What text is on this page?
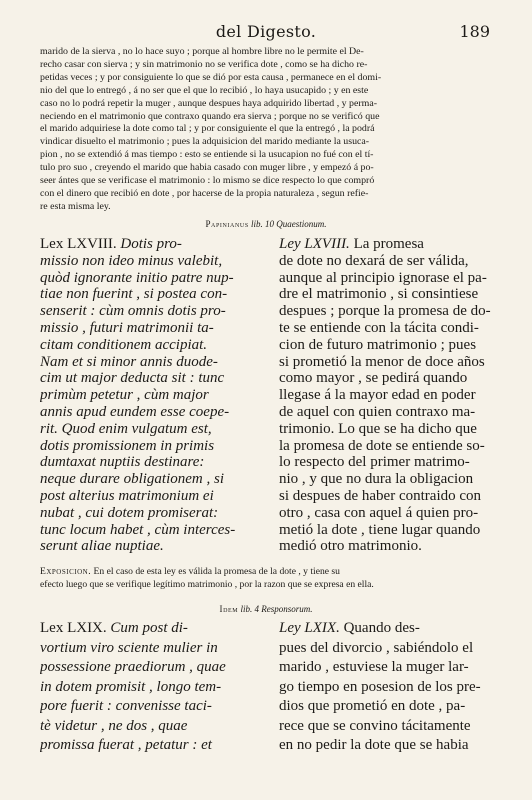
del Digesto.	189
marido de la sierva , no lo hace suyo ; porque al hombre libre no le permite el De-
recho casar con sierva ; y sin matrimonio no se verifica dote , como se ha dicho re-
petidas veces ; y por consiguiente lo que se dió por esta causa , permanece en el domi-
nio del que lo entregó , á no ser que el que lo recibió , lo haya usucapido ; y en este
caso no lo podrá repetir la muger , aunque despues haya adquirido libertad , y perma-
neciendo en el matrimonio que contraxo quando era sierva ; porque no se verificó que
el marido adquiriese la dote como tal ; y por consiguiente el que la entregó , la podrá
vindicar disuelto el matrimonio ; pues la adquisicion del marido mediante la usuca-
pion , no se extendió á mas tiempo : esto se entiende si la usucapion no fué con el tí-
tulo pro suo , creyendo el marido que habia casado con muger libre , y empezó á po-
seer ántes que se verificase el matrimonio : lo mismo se dice respecto lo que compró
con el dinero que recibió en dote , por hacerse de la propia naturaleza , segun refie-
re esta misma ley.
Papinianus lib. 10 Quaestionum.
Lex LXVIII. Dotis pro-
missio non ideo minus valebit,
quòd ignorante initio patre nup-
tiae non fuerint , si postea con-
senserit : cùm omnis dotis pro-
missio , futuri matrimonii ta-
citam conditionem accipiat.
Nam et si minor annis duode-
cim ut major deducta sit : tunc
primùm petetur , cùm major
annis apud eundem esse coepe-
rit. Quod enim vulgatum est,
dotis promissionem in primis
dumtaxat nuptiis destinare:
neque durare obligationem , si
post alterius matrimonium ei
nubat , cui dotem promiserat:
tunc locum habet , cùm interces-
serunt aliae nuptiae.
Ley LXVIII. La promesa
de dote no dexará de ser válida,
aunque al principio ignorase el pa-
dre el matrimonio , si consintiese
despues ; porque la promesa de do-
te se entiende con la tácita condi-
cion de futuro matrimonio ; pues
si prometió la menor de doce años
como mayor , se pedirá quando
llegase á la mayor edad en poder
de aquel con quien contraxo ma-
trimonio. Lo que se ha dicho que
la promesa de dote se entiende so-
lo respecto del primer matrimo-
nio , y que no dura la obligacion
si despues de haber contraido con
otro , casa con aquel á quien pro-
metió la dote , tiene lugar quando
medió otro matrimonio.
Exposicion. En el caso de esta ley es válida la promesa de la dote , y tiene su
efecto luego que se verifique legítimo matrimonio , por la razon que se expresa en ella.
Idem lib. 4 Responsorum.
Lex LXIX. Cum post di-
vortium viro sciente mulier in
possessione praediorum , quae
in dotem promisit , longo tem-
pore fuerit : convenisse taci-
tè videtur , ne dos , quae
promissa fuerat , petatur : et
Ley LXIX. Quando des-
pues del divorcio , sabiéndolo el
marido , estuviese la muger lar-
go tiempo en posesion de los pre-
dios que prometió en dote , pa-
rece que se convino tácitamente
en no pedir la dote que se habia
